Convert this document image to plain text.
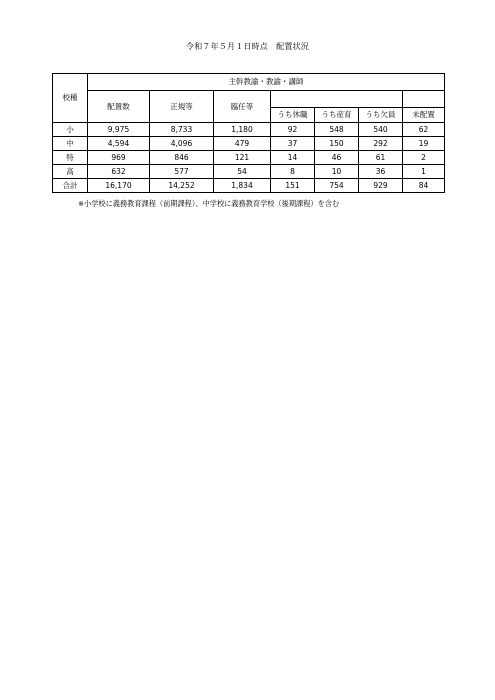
令和７年５月１日時点　配置状況
校種	主幹教諭・教諭・講師						
	配置数	正規等	臨任等				
				うち休職	うち産育	うち欠員	未配置
小	9,975	8,733	1,180	92	548	540	62
中	4,594	4,096	479	37	150	292	19
特	969	846	121	14	46	61	2
高	632	577	54	8	10	36	1
合計	16,170	14,252	1,834	151	754	929	84
※小学校に義務教育課程（前期課程）、中学校に義務教育学校（後期課程）を含む
